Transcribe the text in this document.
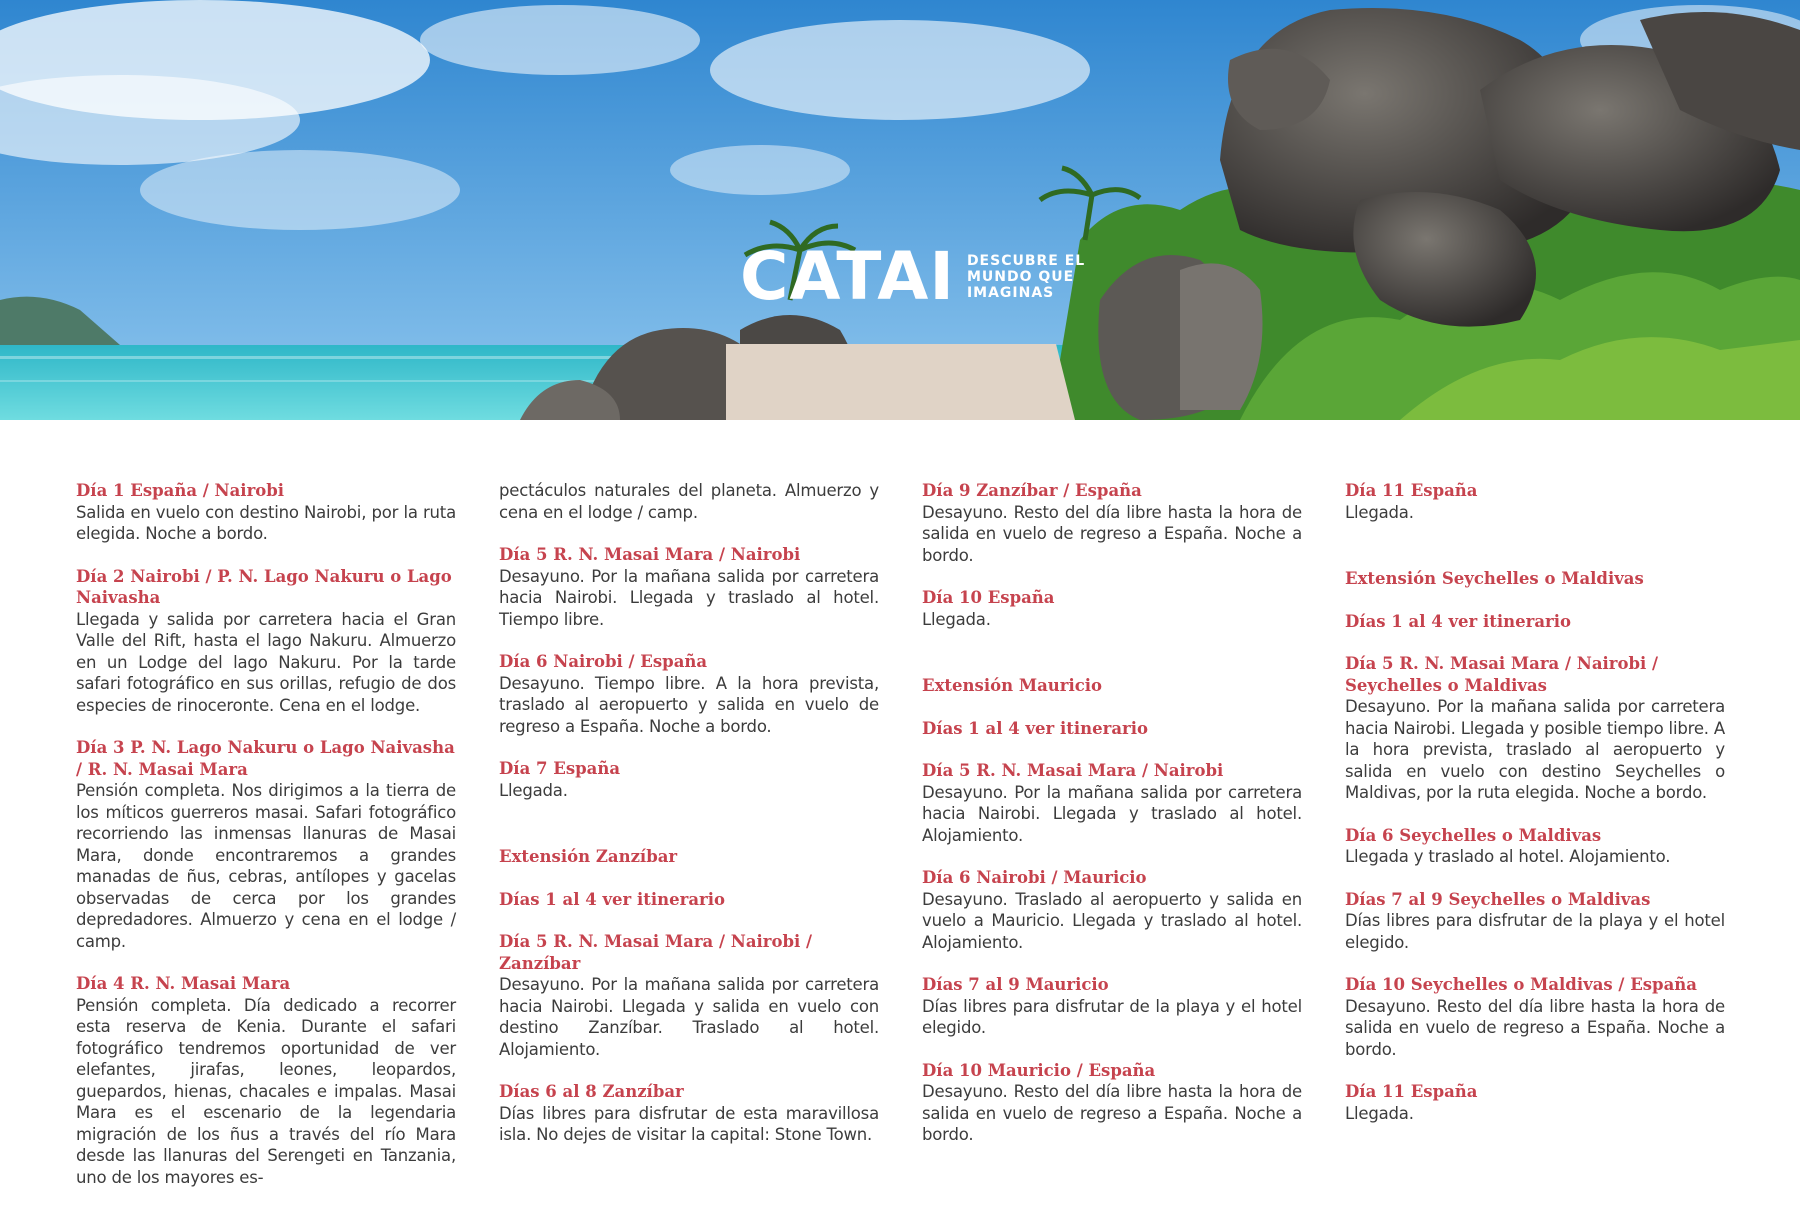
CATAI DESCUBRE EL
MUNDO QUE
IMAGINAS
Día 1 España / Nairobi
Salida en vuelo con destino Nairobi, por la ruta elegida. Noche a bordo.
Día 2 Nairobi / P. N. Lago Nakuru o Lago Naivasha
Llegada y salida por carretera hacia el Gran Valle del Rift, hasta el lago Nakuru. Almuerzo en un Lodge del lago Nakuru. Por la tarde safari fotográfico en sus orillas, refugio de dos especies de rinoceronte. Cena en el lodge.
Día 3 P. N. Lago Nakuru o Lago Naivasha / R. N. Masai Mara
Pensión completa. Nos dirigimos a la tierra de los míticos guerreros masai. Safari fotográfico recorriendo las inmensas llanuras de Masai Mara, donde encontraremos a grandes manadas de ñus, cebras, antílopes y gacelas observadas de cerca por los grandes depredadores. Almuerzo y cena en el lodge / camp.
Día 4 R. N. Masai Mara
Pensión completa. Día dedicado a recorrer esta reserva de Kenia. Durante el safari fotográfico tendremos oportunidad de ver elefantes, jirafas, leones, leopardos, guepardos, hienas, chacales e impalas. Masai Mara es el escenario de la legendaria migración de los ñus a través del río Mara desde las llanuras del Serengeti en Tanzania, uno de los mayores es-
pectáculos naturales del planeta. Almuerzo y cena en el lodge / camp.
Día 5 R. N. Masai Mara / Nairobi
Desayuno. Por la mañana salida por carretera hacia Nairobi. Llegada y traslado al hotel. Tiempo libre.
Día 6 Nairobi / España
Desayuno. Tiempo libre. A la hora prevista, traslado al aeropuerto y salida en vuelo de regreso a España. Noche a bordo.
Día 7 España
Llegada.
Extensión Zanzíbar
Días 1 al 4 ver itinerario
Día 5 R. N. Masai Mara / Nairobi / Zanzíbar
Desayuno. Por la mañana salida por carretera hacia Nairobi. Llegada y salida en vuelo con destino Zanzíbar. Traslado al hotel. Alojamiento.
Días 6 al 8 Zanzíbar
Días libres para disfrutar de esta maravillosa isla. No dejes de visitar la capital: Stone Town.
Día 9 Zanzíbar / España
Desayuno. Resto del día libre hasta la hora de salida en vuelo de regreso a España. Noche a bordo.
Día 10 España
Llegada.
Extensión Mauricio
Días 1 al 4 ver itinerario
Día 5 R. N. Masai Mara / Nairobi
Desayuno. Por la mañana salida por carretera hacia Nairobi. Llegada y traslado al hotel. Alojamiento.
Día 6 Nairobi / Mauricio
Desayuno. Traslado al aeropuerto y salida en vuelo a Mauricio. Llegada y traslado al hotel. Alojamiento.
Días 7 al 9 Mauricio
Días libres para disfrutar de la playa y el hotel elegido.
Día 10 Mauricio / España
Desayuno. Resto del día libre hasta la hora de salida en vuelo de regreso a España. Noche a bordo.
Día 11 España
Llegada.
Extensión Seychelles o Maldivas
Días 1 al 4 ver itinerario
Día 5 R. N. Masai Mara / Nairobi / Seychelles o Maldivas
Desayuno. Por la mañana salida por carretera hacia Nairobi. Llegada y posible tiempo libre. A la hora prevista, traslado al aeropuerto y salida en vuelo con destino Seychelles o Maldivas, por la ruta elegida. Noche a bordo.
Día 6 Seychelles o Maldivas
Llegada y traslado al hotel. Alojamiento.
Días 7 al 9 Seychelles o Maldivas
Días libres para disfrutar de la playa y el hotel elegido.
Día 10 Seychelles o Maldivas / España
Desayuno. Resto del día libre hasta la hora de salida en vuelo de regreso a España. Noche a bordo.
Día 11 España
Llegada.
